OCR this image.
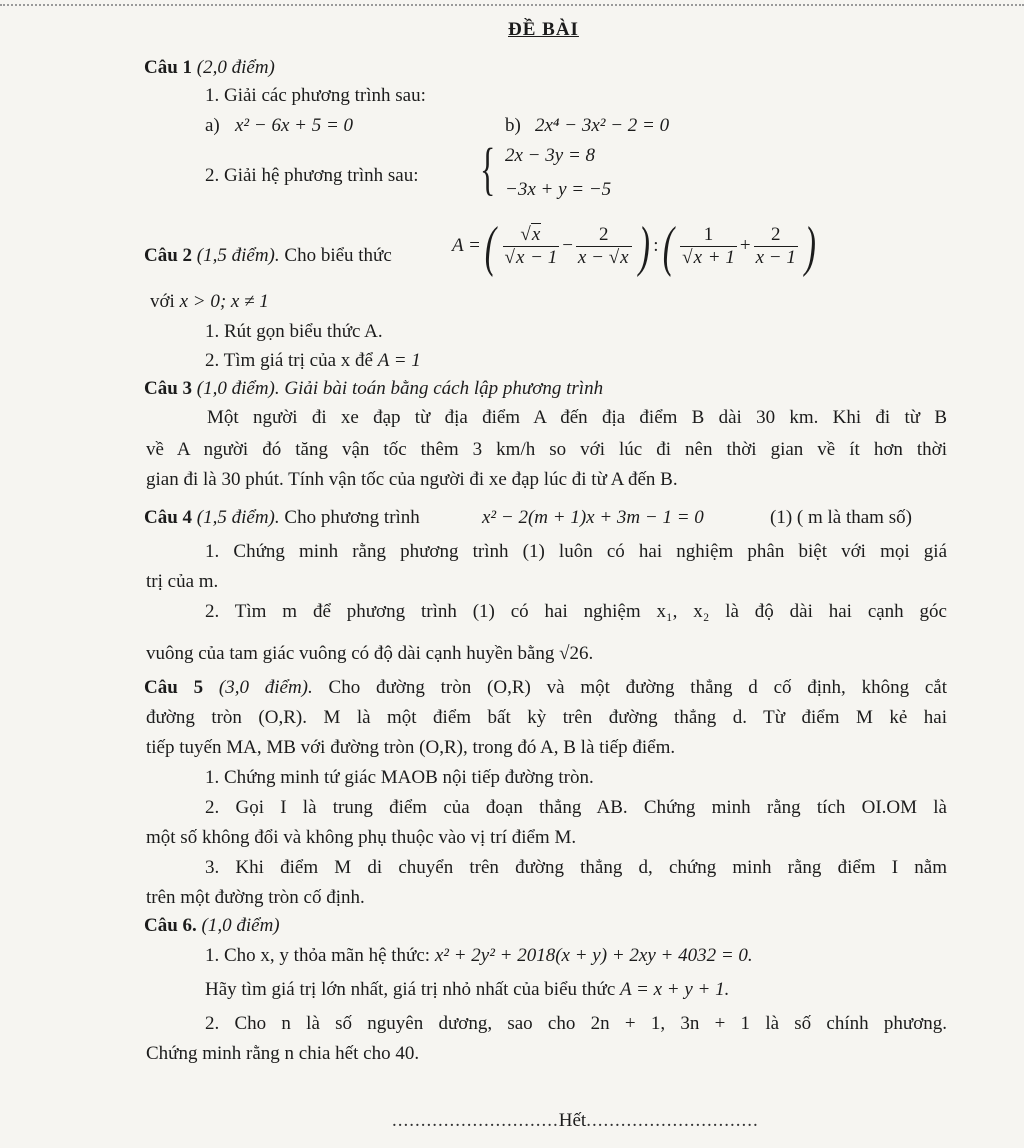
ĐỀ BÀI
Câu 1 (2,0 điểm)
1. Giải các phương trình sau:
a) x² − 6x + 5 = 0	b) 2x⁴ − 3x² − 2 = 0
2. Giải hệ phương trình sau: { 2x − 3y = 8
−3x + y = −5
Câu 2 (1,5 điểm). Cho biểu thức	A =( $\frac{√x}{√x - 1} - \frac{2}{x - √x}$ ) :( $\frac{1}{√x + 1} + \frac{2}{x - 1}$ )
với x > 0; x ≠ 1
1. Rút gọn biểu thức A.
2. Tìm giá trị của x để A = 1
Câu 3 (1,0 điểm). Giải bài toán bằng cách lập phương trình
Một người đi xe đạp từ địa điểm A đến địa điểm B dài 30 km. Khi đi từ B
về A người đó tăng vận tốc thêm 3 km/h so với lúc đi nên thời gian về ít hơn thời
gian đi là 30 phút. Tính vận tốc của người đi xe đạp lúc đi từ A đến B.
Câu 4 (1,5 điểm). Cho phương trình	x² − 2(m + 1)x + 3m − 1 = 0	(1) ( m là tham số)
1. Chứng minh rằng phương trình (1) luôn có hai nghiệm phân biệt với mọi giá
trị của m.
2. Tìm m để phương trình (1) có hai nghiệm x₁, x₂ là độ dài hai cạnh góc
vuông của tam giác vuông có độ dài cạnh huyền bằng √26.
Câu 5 (3,0 điểm). Cho đường tròn (O,R) và một đường thẳng d cố định, không cắt
đường tròn (O,R). M là một điểm bất kỳ trên đường thẳng d. Từ điểm M kẻ hai
tiếp tuyến MA, MB với đường tròn (O,R), trong đó A, B là tiếp điểm.
1. Chứng minh tứ giác MAOB nội tiếp đường tròn.
2. Gọi I là trung điểm của đoạn thẳng AB. Chứng minh rằng tích OI.OM là
một số không đổi và không phụ thuộc vào vị trí điểm M.
3. Khi điểm M di chuyển trên đường thẳng d, chứng minh rằng điểm I nằm
trên một đường tròn cố định.
Câu 6. (1,0 điểm)
1. Cho x, y thỏa mãn hệ thức: x² + 2y² + 2018(x + y) + 2xy + 4032 = 0.
Hãy tìm giá trị lớn nhất, giá trị nhỏ nhất của biểu thức A = x + y + 1.
2. Cho n là số nguyên dương, sao cho 2n + 1, 3n + 1 là số chính phương.
Chứng minh rằng n chia hết cho 40.
.............................Hết..............................
